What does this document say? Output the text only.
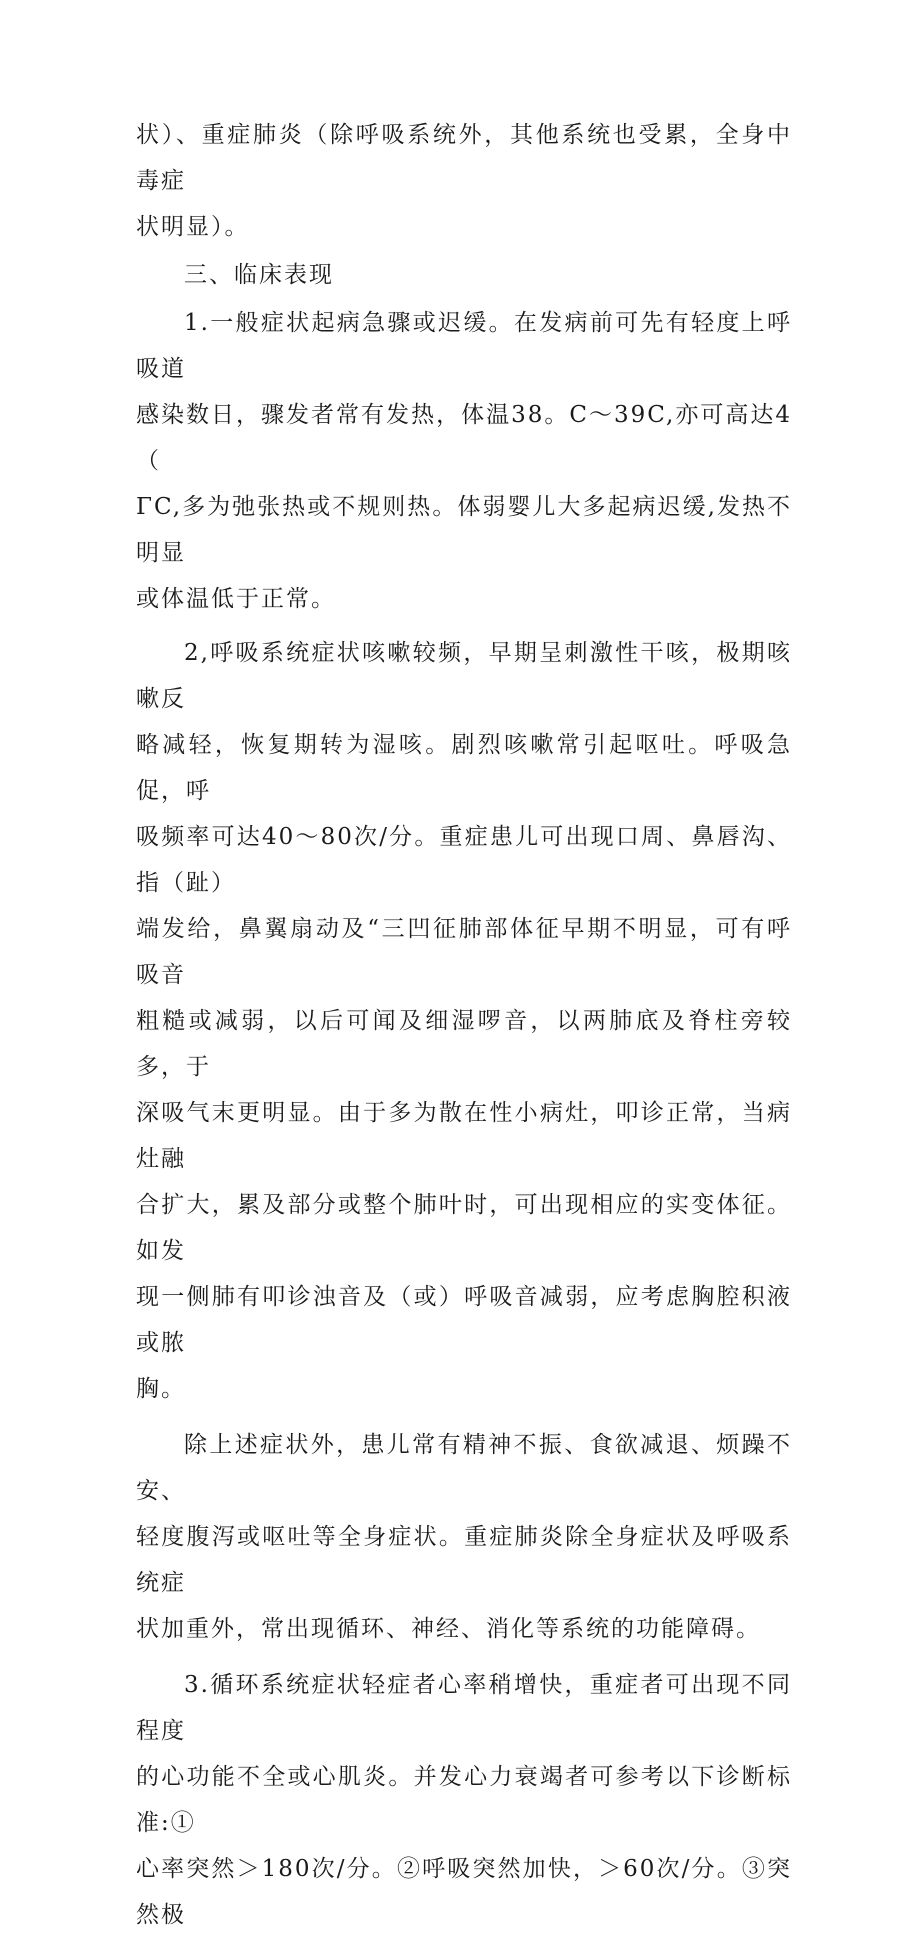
状）、重症肺炎（除呼吸系统外，其他系统也受累，全身中毒症
状明显）。

三、临床表现

1.一般症状起病急骤或迟缓。在发病前可先有轻度上呼吸道
感染数日，骤发者常有发热，体温38。C～39C,亦可高达4（
ΓC,多为弛张热或不规则热。体弱婴儿大多起病迟缓,发热不明显
或体温低于正常。

2,呼吸系统症状咳嗽较频，早期呈刺激性干咳，极期咳嗽反
略减轻，恢复期转为湿咳。剧烈咳嗽常引起呕吐。呼吸急促，呼
吸频率可达40～80次/分。重症患儿可出现口周、鼻唇沟、指（趾）
端发给，鼻翼扇动及“三凹征肺部体征早期不明显，可有呼吸音
粗糙或减弱，以后可闻及细湿啰音，以两肺底及脊柱旁较多，于
深吸气末更明显。由于多为散在性小病灶，叩诊正常，当病灶融
合扩大，累及部分或整个肺叶时，可出现相应的实变体征。如发
现一侧肺有叩诊浊音及（或）呼吸音减弱，应考虑胸腔积液或脓
胸。

除上述症状外，患儿常有精神不振、食欲减退、烦躁不安、
轻度腹泻或呕吐等全身症状。重症肺炎除全身症状及呼吸系统症
状加重外，常出现循环、神经、消化等系统的功能障碍。

3.循环系统症状轻症者心率稍增快，重症者可出现不同程度
的心功能不全或心肌炎。并发心力衰竭者可参考以下诊断标准:①
心率突然＞180次/分。②呼吸突然加快，＞60次/分。③突然极
